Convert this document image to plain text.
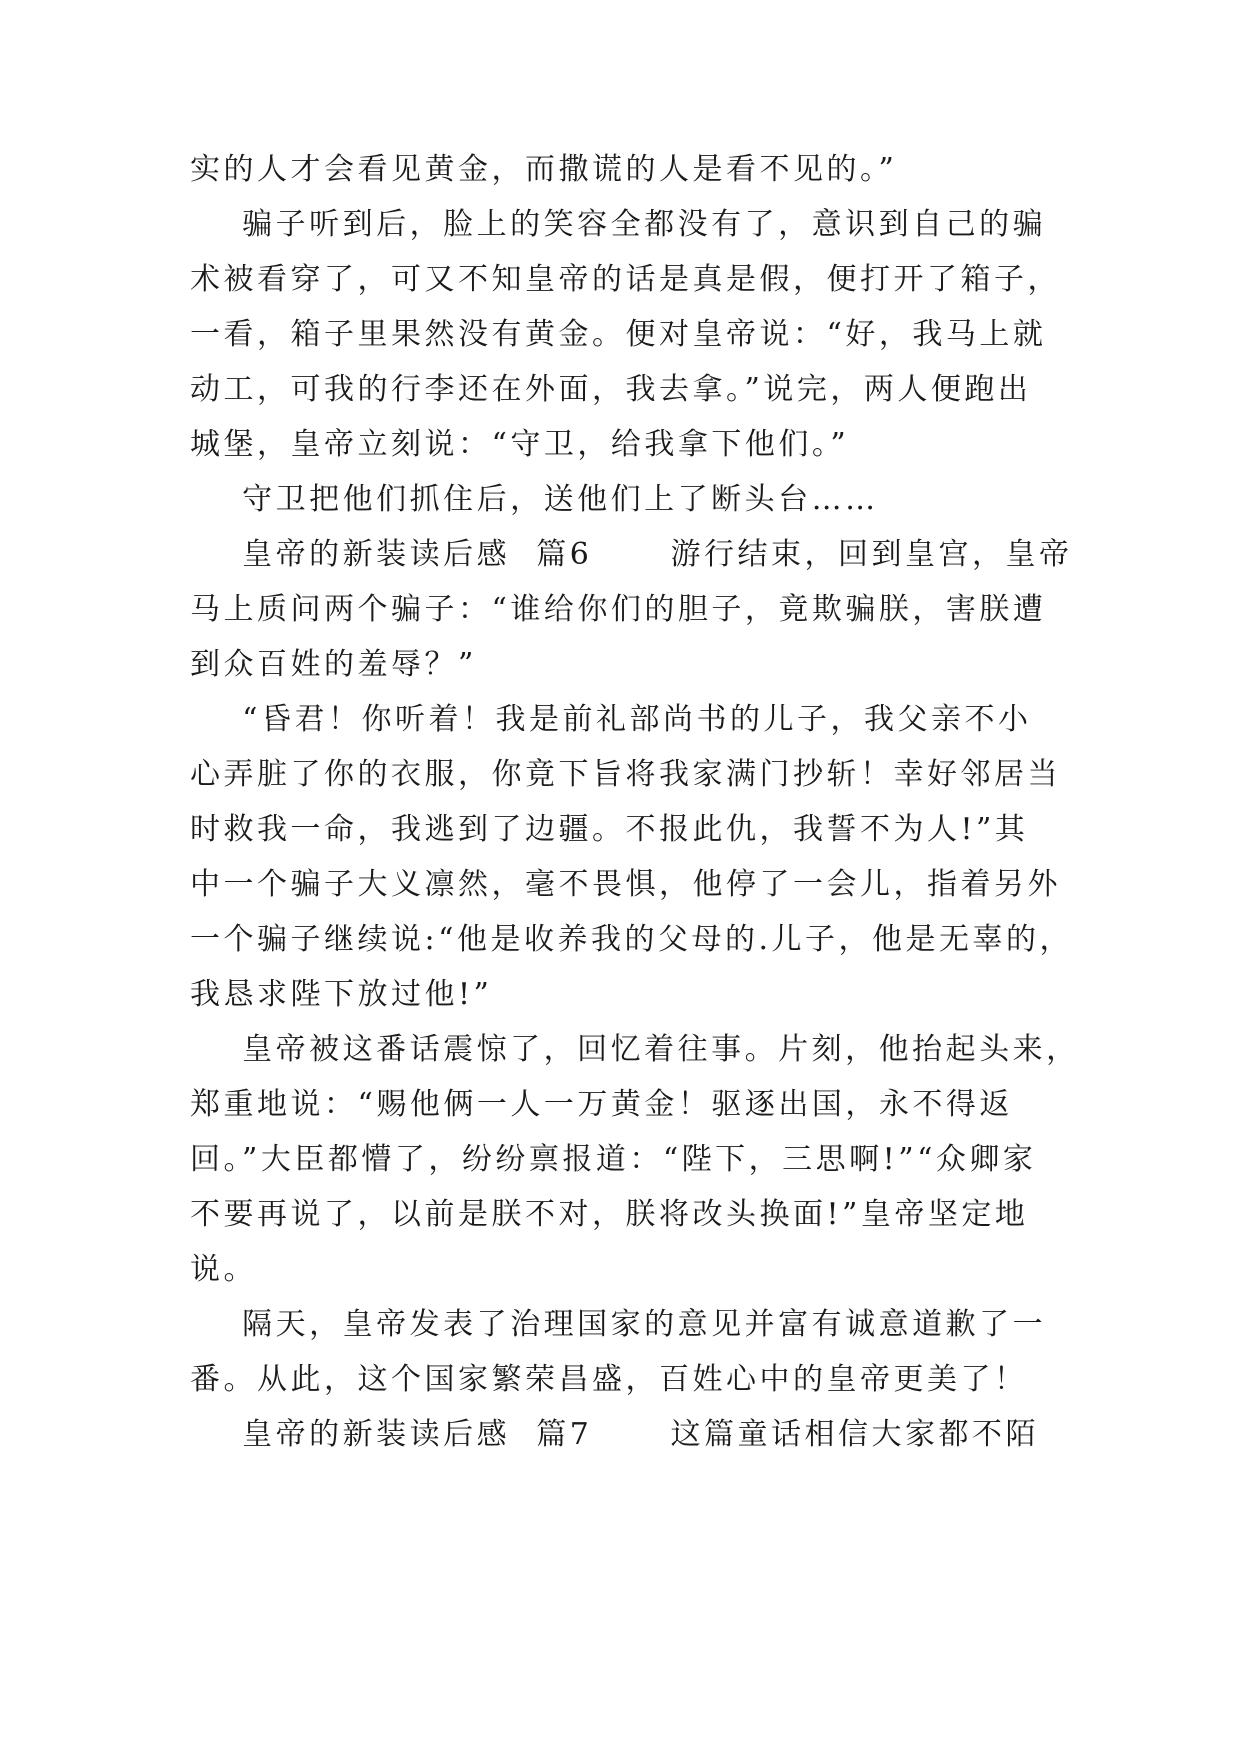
实的人才会看见黄金，而撒谎的人是看不见的。”
骗子听到后，脸上的笑容全都没有了，意识到自己的骗
术被看穿了，可又不知皇帝的话是真是假，便打开了箱子，
一看，箱子里果然没有黄金。便对皇帝说：“好，我马上就
动工，可我的行李还在外面，我去拿。”说完，两人便跑出
城堡，皇帝立刻说：“守卫，给我拿下他们。”
守卫把他们抓住后，送他们上了断头台……
皇帝的新装读后感  篇6      游行结束，回到皇宫，皇帝
马上质问两个骗子：“谁给你们的胆子，竟欺骗朕，害朕遭
到众百姓的羞辱？”
“昏君！你听着！我是前礼部尚书的儿子，我父亲不小
心弄脏了你的衣服，你竟下旨将我家满门抄斩！幸好邻居当
时救我一命，我逃到了边疆。不报此仇，我誓不为人!”其
中一个骗子大义凛然，毫不畏惧，他停了一会儿，指着另外
一个骗子继续说:“他是收养我的父母的.儿子，他是无辜的，
我恳求陛下放过他!”
皇帝被这番话震惊了，回忆着往事。片刻，他抬起头来，
郑重地说：“赐他俩一人一万黄金！驱逐出国，永不得返
回。”大臣都懵了，纷纷禀报道：“陛下，三思啊!”“众卿家
不要再说了，以前是朕不对，朕将改头换面!”皇帝坚定地
说。
隔天，皇帝发表了治理国家的意见并富有诚意道歉了一
番。从此，这个国家繁荣昌盛，百姓心中的皇帝更美了！
皇帝的新装读后感  篇7      这篇童话相信大家都不陌
